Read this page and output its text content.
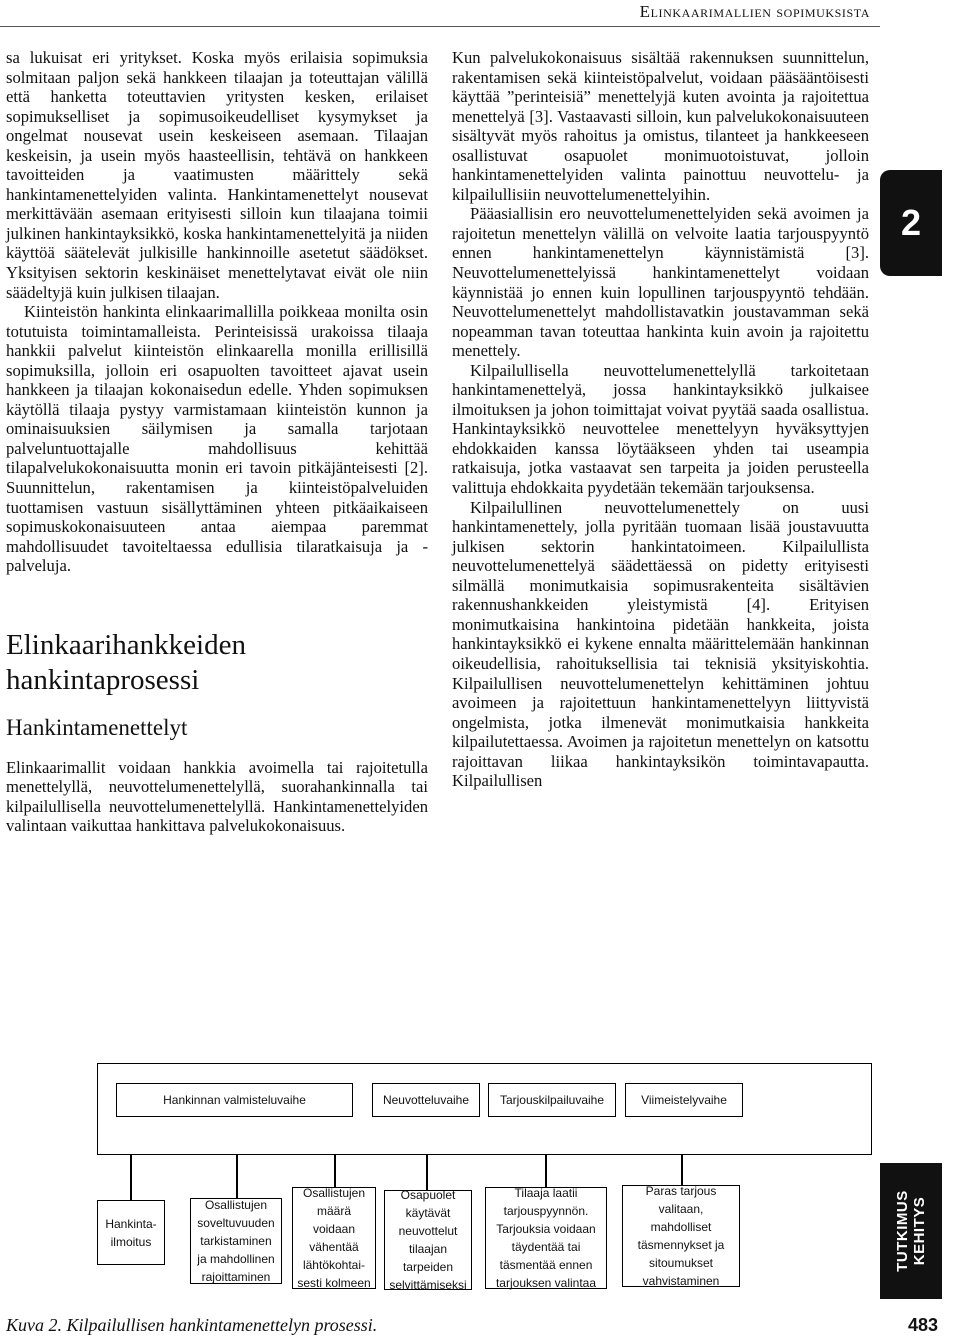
Elinkaarimallien sopimuksista

sa lukuisat eri yritykset. Koska myös erilaisia sopimuksia solmitaan paljon sekä hankkeen tilaajan ja toteuttajan välillä että hanketta toteuttavien yritysten kesken, erilaiset sopimukselliset ja sopimusoikeudelliset kysymykset ja ongelmat nousevat usein keskeiseen asemaan. Tilaajan keskeisin, ja usein myös haasteellisin, tehtävä on hankkeen tavoitteiden ja vaatimusten määrittely sekä hankintamenettelyiden valinta. Hankintamenettelyt nousevat merkittävään asemaan erityisesti silloin kun tilaajana toimii julkinen hankintayksikkö, koska hankintamenettelyitä ja niiden käyttöä säätelevät julkisille hankinnoille asetetut säädökset. Yksityisen sektorin keskinäiset menettelytavat eivät ole niin säädeltyjä kuin julkisen tilaajan.

Kiinteistön hankinta elinkaarimallilla poikkeaa monilta osin totutuista toimintamalleista. Perinteisissä urakoissa tilaaja hankkii palvelut kiinteistön elinkaarella monilla erillisillä sopimuksilla, jolloin eri osapuolten tavoitteet ajavat usein hankkeen ja tilaajan kokonaisedun edelle. Yhden sopimuksen käytöllä tilaaja pystyy varmistamaan kiinteistön kunnon ja ominaisuuksien säilymisen ja samalla tarjotaan palveluntuottajalle mahdollisuus kehittää tilapalvelukokonaisuutta monin eri tavoin pitkäjänteisesti [2]. Suunnittelun, rakentamisen ja kiinteistöpalveluiden tuottamisen vastuun sisällyttäminen yhteen pitkäaikaiseen sopimuskokonaisuuteen antaa aiempaa paremmat mahdollisuudet tavoiteltaessa edullisia tilaratkaisuja ja -palveluja.

Elinkaarihankkeiden
hankintaprosessi
Hankintamenettelyt

Elinkaarimallit voidaan hankkia avoimella tai rajoitetulla menettelyllä, neuvottelumenettelyllä, suorahankinnalla tai kilpailullisella neuvottelumenettelyllä. Hankintamenettelyiden valintaan vaikuttaa hankittava palvelukokonaisuus.

Kun palvelukokonaisuus sisältää rakennuksen suunnittelun, rakentamisen sekä kiinteistöpalvelut, voidaan pääsääntöisesti käyttää ”perinteisiä” menettelyjä kuten avointa ja rajoitettua menettelyä [3]. Vastaavasti silloin, kun palvelukokonaisuuteen sisältyvät myös rahoitus ja omistus, tilanteet ja hankkeeseen osallistuvat osapuolet monimuotoistuvat, jolloin hankintamenettelyiden valinta painottuu neuvottelu- ja kilpailullisiin neuvottelumenettelyihin.

Pääasiallisin ero neuvottelumenettelyiden sekä avoimen ja rajoitetun menettelyn välillä on velvoite laatia tarjouspyyntö ennen hankintamenettelyn käynnistämistä [3]. Neuvottelumenettelyissä hankintamenettelyt voidaan käynnistää jo ennen kuin lopullinen tarjouspyyntö tehdään. Neuvottelumenettelyt mahdollistavatkin joustavamman sekä nopeamman tavan toteuttaa hankinta kuin avoin ja rajoitettu menettely.

Kilpailullisella neuvottelumenettelyllä tarkoitetaan hankintamenettelyä, jossa hankintayksikkö julkaisee ilmoituksen ja johon toimittajat voivat pyytää saada osallistua. Hankintayksikkö neuvottelee menettelyyn hyväksyttyjen ehdokkaiden kanssa löytääkseen yhden tai useampia ratkaisuja, jotka vastaavat sen tarpeita ja joiden perusteella valittuja ehdokkaita pyydetään tekemään tarjouksensa.

Kilpailullinen neuvottelumenettely on uusi hankintamenettely, jolla pyritään tuomaan lisää joustavuutta julkisen sektorin hankintatoimeen. Kilpailullista neuvottelumenettelyä säädettäessä on pidetty erityisesti silmällä monimutkaisia sopimusrakenteita sisältävien rakennushankkeiden yleistymistä [4]. Erityisen monimutkaisina hankintoina pidetään hankkeita, joista hankintayksikkö ei kykene ennalta määrittelemään hankinnan oikeudellisia, rahoituksellisia tai teknisiä yksityiskohtia. Kilpailullisen neuvottelumenettelyn kehittäminen johtuu avoimeen ja rajoitettuun hankintamenettelyyn liittyvistä ongelmista, jotka ilmenevät monimutkaisia hankkeita kilpailutettaessa. Avoimen ja rajoitetun menettelyn on katsottu rajoittavan liikaa hankintayksikön toimintavapautta. Kilpailullisen

2
Hankinnan valmisteluvaihe	Neuvotteluvaihe	Tarjouskilpailuvaihe	Viimeistelyvaihe
Hankinta-
ilmoitus
Osallistujen
soveltuvuuden
tarkistaminen
ja mahdollinen
rajoittaminen
Osallistujen
määrä
voidaan
vähentää
lähtökohtai-
sesti kolmeen
Osapuolet
käytävät
neuvottelut
tilaajan
tarpeiden
selvittämiseksi
Tilaaja laatii
tarjouspyynnön.
Tarjouksia voidaan
täydentää tai
täsmentää ennen
tarjouksen valintaa
Paras tarjous
valitaan,
mahdolliset
täsmennykset ja
sitoumukset
vahvistaminen
TUTKIMUS
KEHITYS
Kuva 2. Kilpailullisen hankintamenettelyn prosessi.	483
